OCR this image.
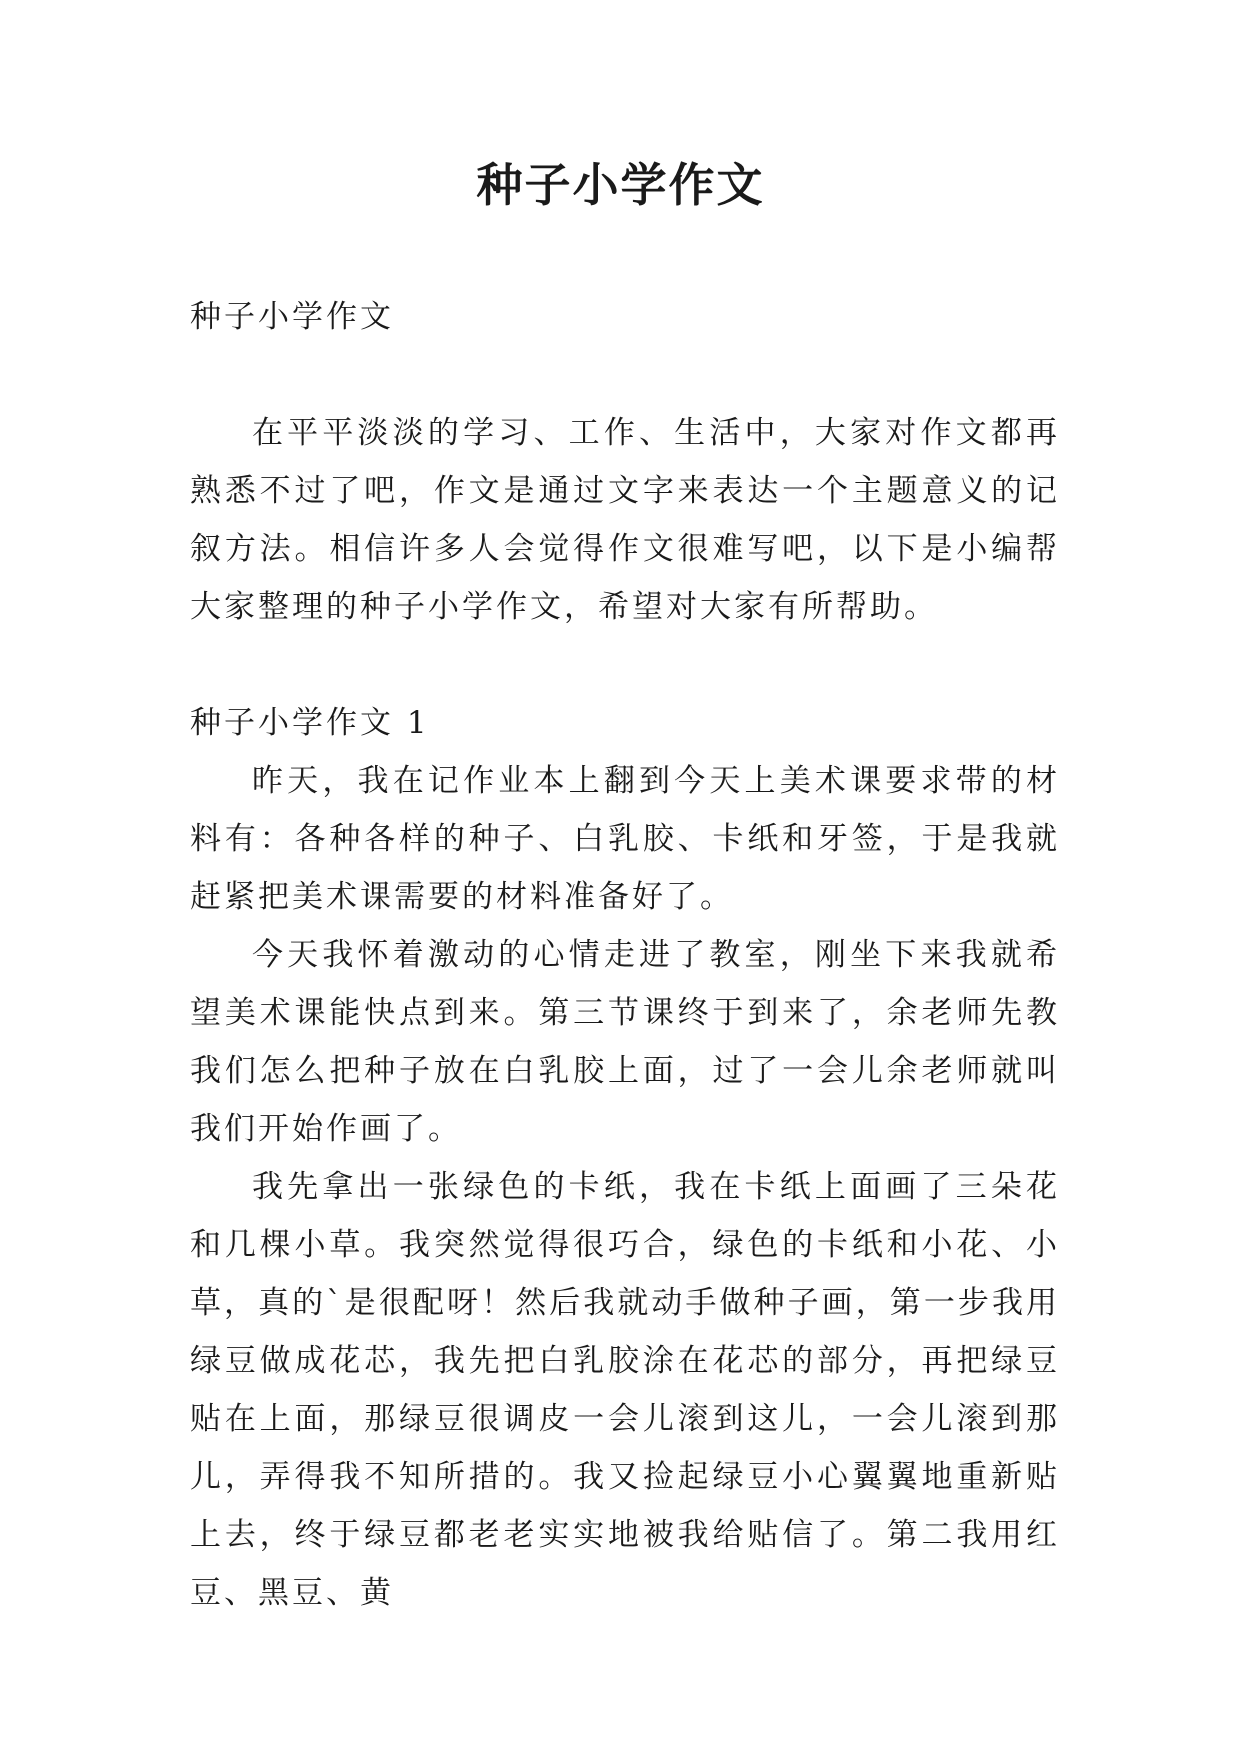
种子小学作文

种子小学作文

在平平淡淡的学习、工作、生活中，大家对作文都再熟悉不过了吧，作文是通过文字来表达一个主题意义的记叙方法。相信许多人会觉得作文很难写吧，以下是小编帮大家整理的种子小学作文，希望对大家有所帮助。

种子小学作文 1

昨天，我在记作业本上翻到今天上美术课要求带的材料有：各种各样的种子、白乳胶、卡纸和牙签，于是我就赶紧把美术课需要的材料准备好了。

今天我怀着激动的心情走进了教室，刚坐下来我就希望美术课能快点到来。第三节课终于到来了，余老师先教我们怎么把种子放在白乳胶上面，过了一会儿余老师就叫我们开始作画了。

我先拿出一张绿色的卡纸，我在卡纸上面画了三朵花和几棵小草。我突然觉得很巧合，绿色的卡纸和小花、小草，真的`是很配呀！然后我就动手做种子画，第一步我用绿豆做成花芯，我先把白乳胶涂在花芯的部分，再把绿豆贴在上面，那绿豆很调皮一会儿滚到这儿，一会儿滚到那儿，弄得我不知所措的。我又捡起绿豆小心翼翼地重新贴上去，终于绿豆都老老实实地被我给贴信了。第二我用红豆、黑豆、黄
